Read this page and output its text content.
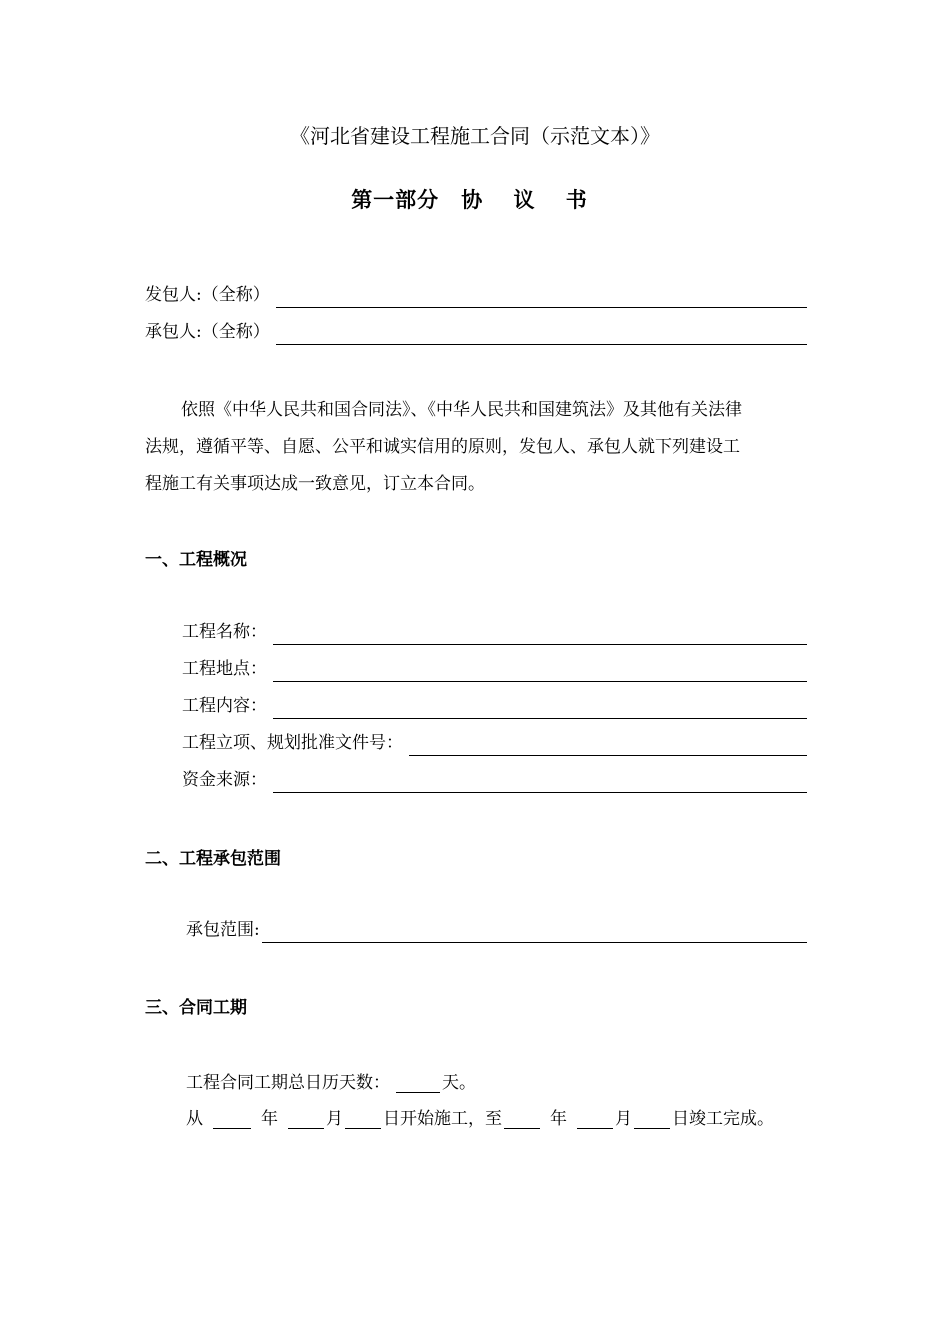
《河北省建设工程施工合同（示范文本）》
第一部分 协 议 书
发包人:（全称）
承包人:（全称）

依照《中华人民共和国合同法》、《中华人民共和国建筑法》及其他有关法律

法规，遵循平等、自愿、公平和诚实信用的原则，发包人、承包人就下列建设工

程施工有关事项达成一致意见，订立本合同。

一、工程概况
工程名称：
工程地点：
工程内容：
工程立项、规划批准文件号：
资金来源：
二、工程承包范围
承包范围:
三、合同工期
工程合同工期总日历天数：	天。
从	年	月 日开始施工，至	年	月 日竣工完成。
